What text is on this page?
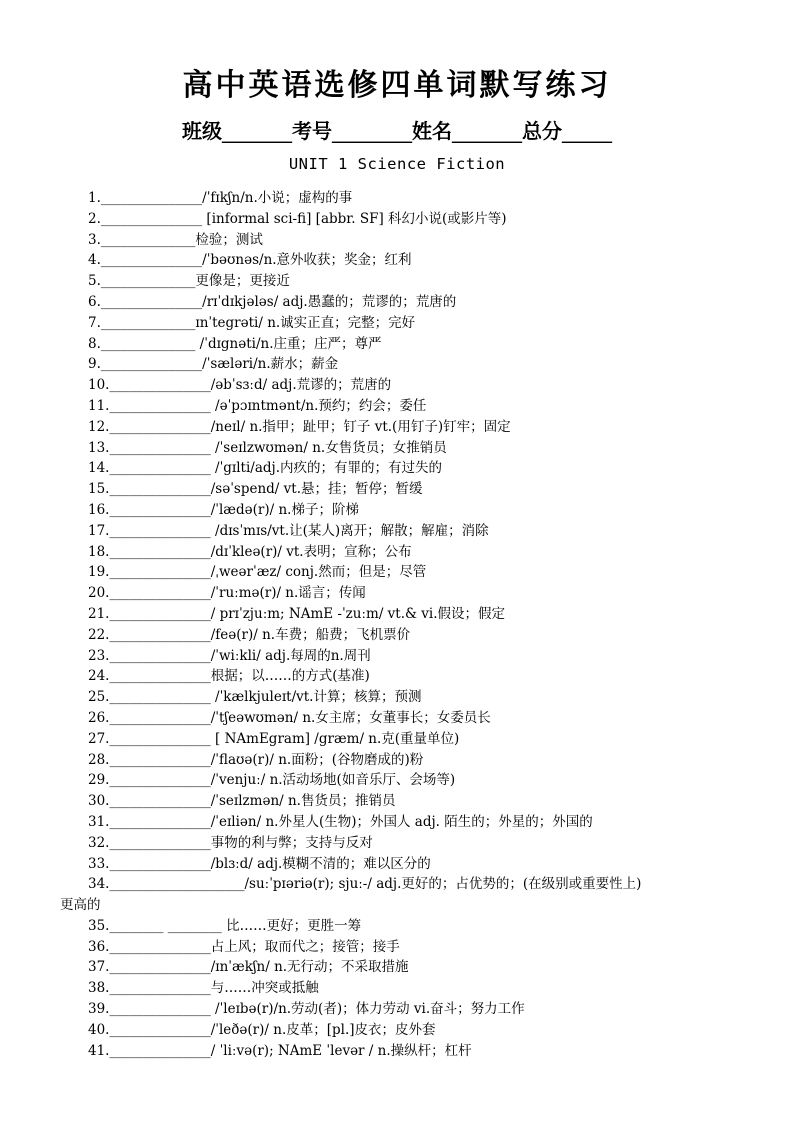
高中英语选修四单词默写练习
班级_______考号________姓名_______总分_____
UNIT 1 Science Fiction
1._______________/ˈfɪkʃn/n.小说；虚构的事
2._______________ [informal sci-fi] [abbr. SF] 科幻小说(或影片等)
3.______________检验；测试
4._______________/ˈbəʊnəs/n.意外收获；奖金；红利
5.______________更像是；更接近
6._______________/rɪˈdɪkjələs/ adj.愚蠢的；荒谬的；荒唐的
7.______________ɪnˈtegrəti/ n.诚实正直；完整；完好
8.______________ /ˈdɪgnəti/n.庄重；庄严；尊严
9._______________/ˈsæləri/n.薪水；薪金
10._______________/əbˈsɜːd/ adj.荒谬的；荒唐的
11._______________ /əˈpɔɪntmənt/n.预约；约会；委任
12._______________/neɪl/ n.指甲；趾甲；钉子 vt.(用钉子)钉牢；固定
13._______________ /ˈseɪlzwʊmən/ n.女售货员；女推销员
14._______________ /ˈgɪlti/adj.内疚的；有罪的；有过失的
15._______________/səˈspend/ vt.悬；挂；暂停；暂缓
16._______________/ˈlædə(r)/ n.梯子；阶梯
17._______________ /dɪsˈmɪs/vt.让(某人)离开；解散；解雇；消除
18._______________/dɪˈkleə(r)/ vt.表明；宣称；公布
19._______________/ˌweərˈæz/ conj.然而；但是；尽管
20._______________/ˈruːmə(r)/ n.谣言；传闻
21._______________/ prɪˈzjuːm; NAmE -ˈzuːm/ vt.& vi.假设；假定
22._______________/feə(r)/ n.车费；船费；飞机票价
23._______________/ˈwiːkli/ adj.每周的n.周刊
24._______________根据；以……的方式(基准)
25._______________ /ˈkælkjuleɪt/vt.计算；核算；预测
26._______________/ˈtʃeəwʊmən/ n.女主席；女董事长；女委员长
27._______________ [ NAmEgram] /græm/ n.克(重量单位)
28._______________/ˈflaʊə(r)/ n.面粉；(谷物磨成的)粉
29._______________/ˈvenjuː/ n.活动场地(如音乐厅、会场等)
30._______________/ˈseɪlzmən/ n.售货员；推销员
31._______________/ˈeɪliən/ n.外星人(生物)；外国人 adj. 陌生的；外星的；外国的
32._______________事物的利与弊；支持与反对
33._______________/blɜːd/ adj.模糊不清的；难以区分的
34.____________________/suːˈpɪəriə(r); sjuː-/ adj.更好的；占优势的；(在级别或重要性上)
更高的
35.________ ________ 比……更好；更胜一筹
36._______________占上风；取而代之；接管；接手
37._______________/ɪnˈækʃn/ n.无行动；不采取措施
38._______________与……冲突或抵触
39._______________ /ˈleɪbə(r)/n.劳动(者)；体力劳动 vi.奋斗；努力工作
40._______________/ˈleðə(r)/ n.皮革；[pl.]皮衣；皮外套
41._______________/ ˈliːvə(r); NAmE ˈlevər / n.操纵杆；杠杆
